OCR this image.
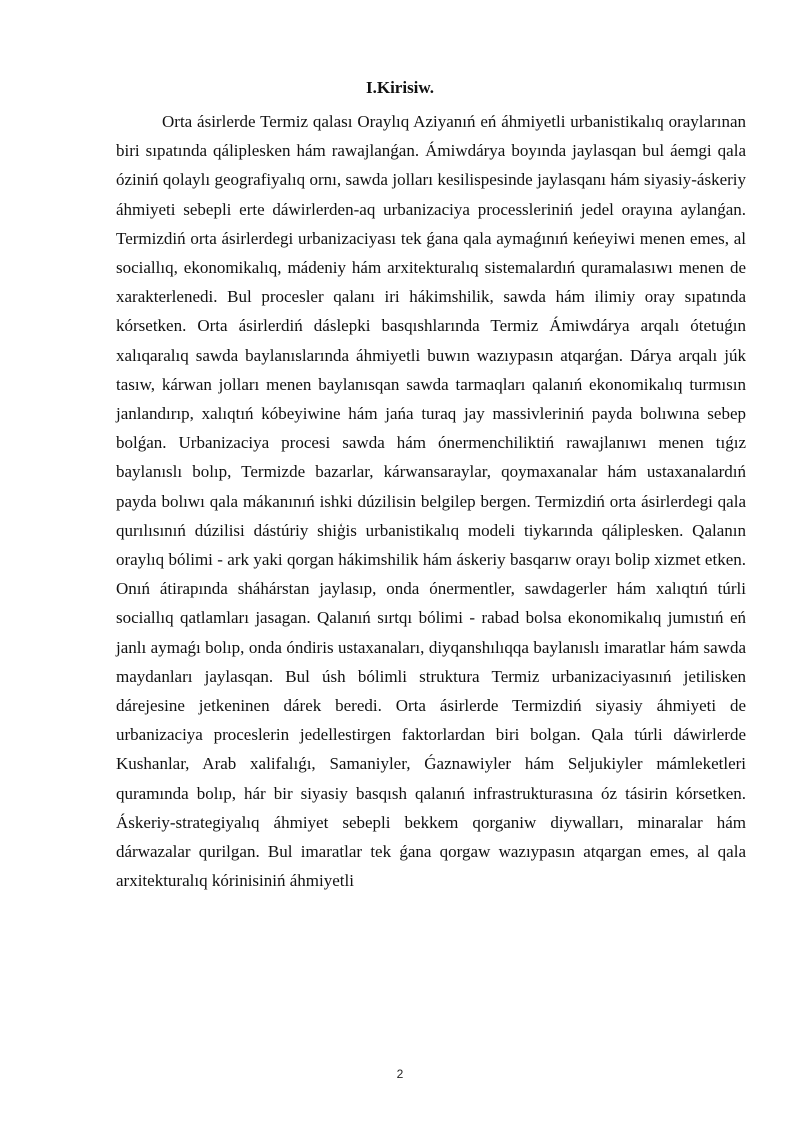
I.Kirisiw.

Orta ásirlerde Termiz qalası Oraylıq Aziyanıń eń áhmiyetli urbanistikalıq oraylarınan biri sıpatında qáliplesken hám rawajlanǵan. Ámiwdárya boyında jaylasqan bul áemgi qala óziniń qolaylı geografiyalıq ornı, sawda jolları kesilispesinde jaylasqanı hám siyasiy-áskeriy áhmiyeti sebepli erte dáwirlerden-aq urbanizaciya processleriniń jedel orayına aylanǵan. Termizdiń orta ásirlerdegi urbanizaciyası tek ǵana qala aymaǵınıń keńeyiwi menen emes, al sociallıq, ekonomikalıq, mádeniy hám arxitekturalıq sistemalardıń quramalasıwı menen de xarakterlenedi. Bul procesler qalanı iri hákimshilik, sawda hám ilimiy oray sıpatında kórsetken. Orta ásirlerdiń dáslepki basqıshlarında Termiz Ámiwdárya arqalı ótetuǵın xalıqaralıq sawda baylanıslarında áhmiyetli buwın wazıypasın atqarǵan. Dárya arqalı júk tasıw, kárwan jolları menen baylanısqan sawda tarmaqları qalanıń ekonomikalıq turmısın janlandırıp, xalıqtıń kóbeyiwine hám jańa turaq jay massivleriniń payda bolıwına sebep bolǵan. Urbanizaciya procesi sawda hám ónermenchiliktiń rawajlanıwı menen tıǵız baylanıslı bolıp, Termizde bazarlar, kárwansaraylar, qoymaxanalar hám ustaxanalardıń payda bolıwı qala mákanınıń ishki dúzilisin belgilep bergen. Termizdiń orta ásirlerdegi qala qurılısınıń dúzilisi dástúriy shiģis urbanistikalıq modeli tiykarında qáliplesken. Qalanın oraylıq bólimi - ark yaki qorgan hákimshilik hám áskeriy basqarıw orayı bolip xizmet etken. Onıń átirapında sháhárstan jaylasıp, onda ónermentler, sawdagerler hám xalıqtıń túrli sociallıq qatlamları jasagan. Qalanıń sırtqı bólimi - rabad bolsa ekonomikalıq jumıstıń eń janlı aymaǵı bolıp, onda óndiris ustaxanaları, diyqanshılıqqa baylanıslı imaratlar hám sawda maydanları jaylasqan. Bul úsh bólimli struktura Termiz urbanizaciyasınıń jetilisken dárejesine jetkeninen dárek beredi. Orta ásirlerde Termizdiń siyasiy áhmiyeti de urbanizaciya proceslerin jedellestirgen faktorlardan biri bolgan. Qala túrli dáwirlerde Kushanlar, Arab xalifalıǵı, Samaniyler, Ǵaznawiyler hám Seljukiyler mámleketleri quramında bolıp, hár bir siyasiy basqısh qalanıń infrastrukturasına óz tásirin kórsetken. Áskeriy-strategiyalıq áhmiyet sebepli bekkem qorganiw diywalları, minaralar hám dárwazalar qurilgan. Bul imaratlar tek ǵana qorgaw wazıypasın atqargan emes, al qala arxitekturalıq kórinisiniń áhmiyetli

2
